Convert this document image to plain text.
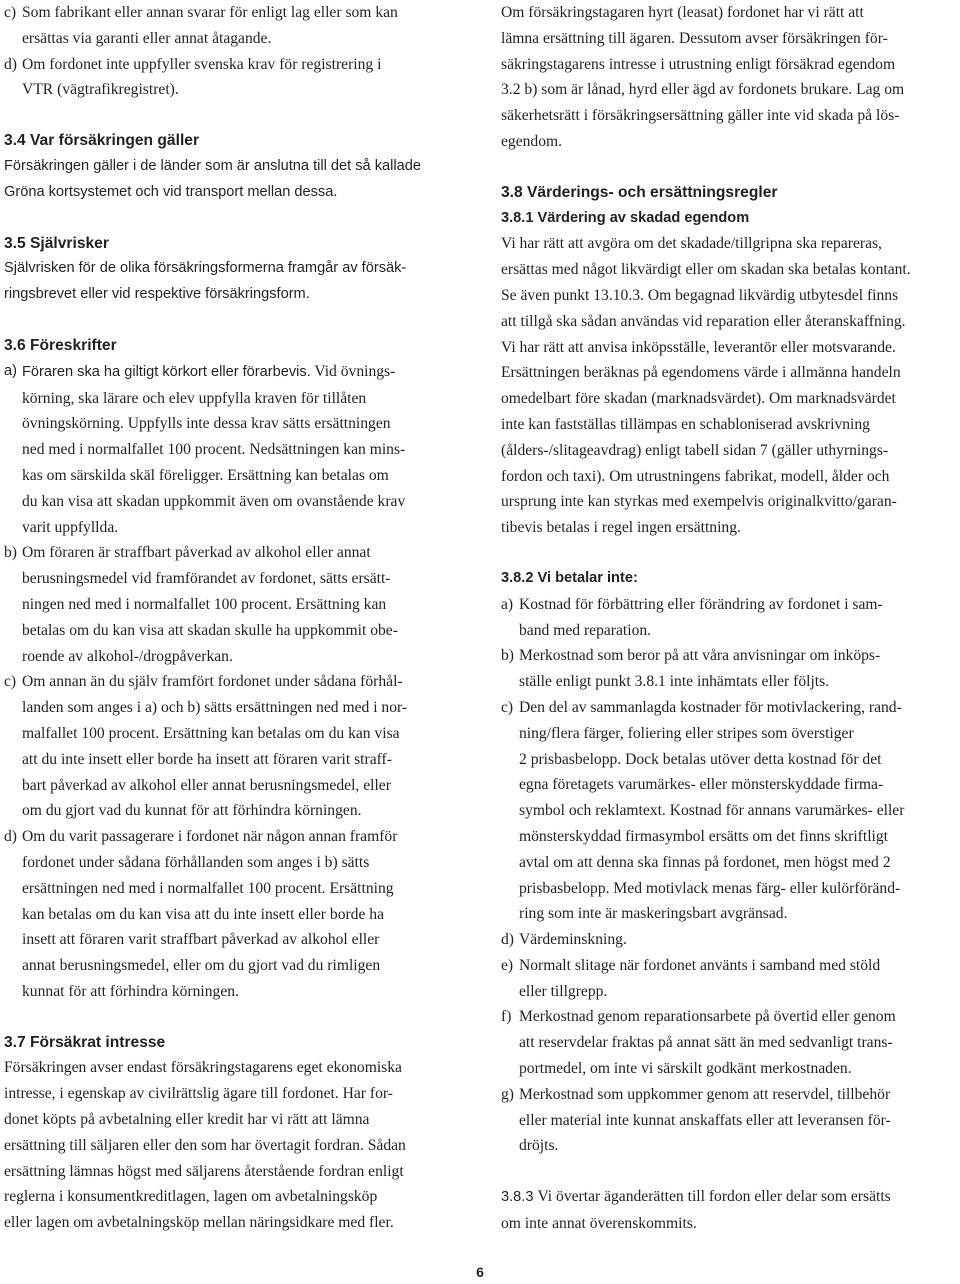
c) Som fabrikant eller annan svarar för enligt lag eller som kan
ersättas via garanti eller annat åtagande.
d) Om fordonet inte uppfyller svenska krav för registrering i
VTR (vägtrafikregistret).
3.4 Var försäkringen gäller

Försäkringen gäller i de länder som är anslutna till det så kallade
Gröna kortsystemet och vid transport mellan dessa.

3.5 Självrisker

Självrisken för de olika försäkringsformerna framgår av försäk-
ringsbrevet eller vid respektive försäkringsform.

3.6 Föreskrifter
a) Föraren ska ha giltigt körkort eller förarbevis. Vid övnings-
körning, ska lärare och elev uppfylla kraven för tillåten
övningskörning. Uppfylls inte dessa krav sätts ersättningen
ned med i normalfallet 100 procent. Nedsättningen kan mins-
kas om särskilda skäl föreligger. Ersättning kan betalas om
du kan visa att skadan uppkommit även om ovanstående krav
varit uppfyllda.
b) Om föraren är straffbart påverkad av alkohol eller annat
berusningsmedel vid framförandet av fordonet, sätts ersätt-
ningen ned med i normalfallet 100 procent. Ersättning kan
betalas om du kan visa att skadan skulle ha uppkommit obe-
roende av alkohol-/drogpåverkan.
c) Om annan än du själv framfört fordonet under sådana förhål-
landen som anges i a) och b) sätts ersättningen ned med i nor-
malfallet 100 procent. Ersättning kan betalas om du kan visa
att du inte insett eller borde ha insett att föraren varit straff-
bart påverkad av alkohol eller annat berusningsmedel, eller
om du gjort vad du kunnat för att förhindra körningen.
d) Om du varit passagerare i fordonet när någon annan framför
fordonet under sådana förhållanden som anges i b) sätts
ersättningen ned med i normalfallet 100 procent. Ersättning
kan betalas om du kan visa att du inte insett eller borde ha
insett att föraren varit straffbart påverkad av alkohol eller
annat berusningsmedel, eller om du gjort vad du rimligen
kunnat för att förhindra körningen.
3.7 Försäkrat intresse

Försäkringen avser endast försäkringstagarens eget ekonomiska
intresse, i egenskap av civilrättslig ägare till fordonet. Har for-
donet köpts på avbetalning eller kredit har vi rätt att lämna
ersättning till säljaren eller den som har övertagit fordran. Sådan
ersättning lämnas högst med säljarens återstående fordran enligt
reglerna i konsumentkreditlagen, lagen om avbetalningsköp
eller lagen om avbetalningsköp mellan näringsidkare med fler.

Om försäkringstagaren hyrt (leasat) fordonet har vi rätt att
lämna ersättning till ägaren. Dessutom avser försäkringen för-
säkringstagarens intresse i utrustning enligt försäkrad egendom
3.2 b) som är lånad, hyrd eller ägd av fordonets brukare. Lag om
säkerhetsrätt i försäkringsersättning gäller inte vid skada på lös-
egendom.

3.8 Värderings- och ersättningsregler
3.8.1 Värdering av skadad egendom

Vi har rätt att avgöra om det skadade/tillgripna ska repareras,
ersättas med något likvärdigt eller om skadan ska betalas kontant.
Se även punkt 13.10.3. Om begagnad likvärdig utbytesdel finns
att tillgå ska sådan användas vid reparation eller återanskaffning.
Vi har rätt att anvisa inköpsställe, leverantör eller motsvarande.
Ersättningen beräknas på egendomens värde i allmänna handeln
omedelbart före skadan (marknadsvärdet). Om marknadsvärdet
inte kan fastställas tillämpas en schabloniserad avskrivning
(ålders-/slitageavdrag) enligt tabell sidan 7 (gäller uthyrnings-
fordon och taxi). Om utrustningens fabrikat, modell, ålder och
ursprung inte kan styrkas med exempelvis originalkvitto/garan-
tibevis betalas i regel ingen ersättning.

3.8.2 Vi betalar inte:
a) Kostnad för förbättring eller förändring av fordonet i sam-
band med reparation.
b) Merkostnad som beror på att våra anvisningar om inköps-
ställe enligt punkt 3.8.1 inte inhämtats eller följts.
c) Den del av sammanlagda kostnader för motivlackering, rand-
ning/flera färger, foliering eller stripes som överstiger
2 prisbasbelopp. Dock betalas utöver detta kostnad för det
egna företagets varumärkes- eller mönsterskyddade firma-
symbol och reklamtext. Kostnad för annans varumärkes- eller
mönsterskyddad firmasymbol ersätts om det finns skriftligt
avtal om att denna ska finnas på fordonet, men högst med 2
prisbasbelopp. Med motivlack menas färg- eller kulörföränd-
ring som inte är maskeringsbart avgränsad.
d) Värdeminskning.
e) Normalt slitage när fordonet använts i samband med stöld
eller tillgrepp.
f) Merkostnad genom reparationsarbete på övertid eller genom
att reservdelar fraktas på annat sätt än med sedvanligt trans-
portmedel, om inte vi särskilt godkänt merkostnaden.
g) Merkostnad som uppkommer genom att reservdel, tillbehör
eller material inte kunnat anskaffats eller att leveransen för-
dröjts.

3.8.3 Vi övertar äganderätten till fordon eller delar som ersätts
om inte annat överenskommits.

6
